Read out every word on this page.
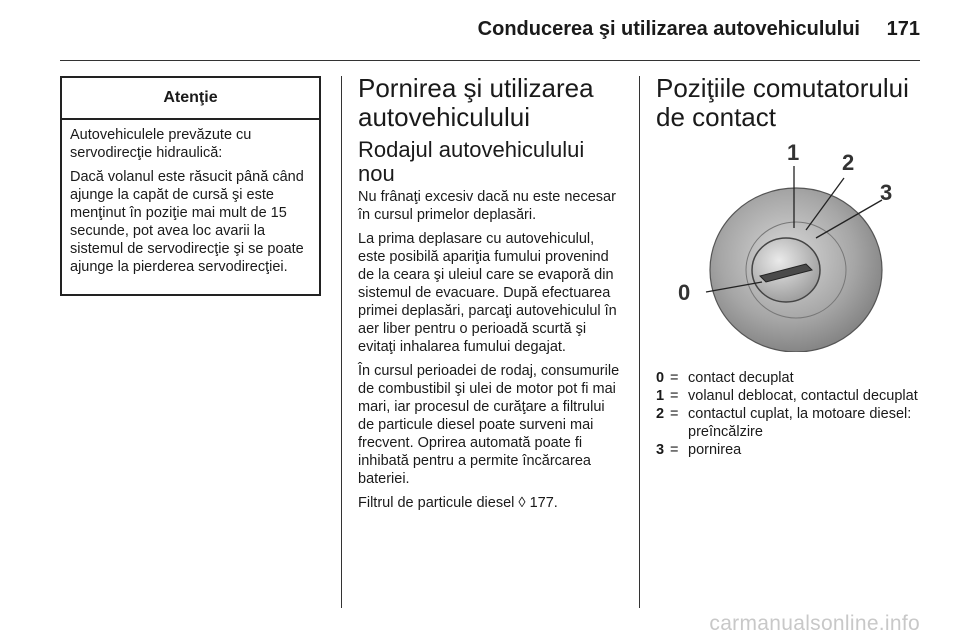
Conducerea şi utilizarea autovehiculului 171
Atenţie

Autovehiculele prevăzute cu servodirecţie hidraulică:

Dacă volanul este răsucit până când ajunge la capăt de cursă şi este menţinut în poziţie mai mult de 15 secunde, pot avea loc avarii la sistemul de servodirecţie şi se poate ajunge la pierderea servodirecţiei.

Pornirea şi utilizarea autovehiculului
Rodajul autovehiculului nou

Nu frânaţi excesiv dacă nu este necesar în cursul primelor deplasări.

La prima deplasare cu autovehiculul, este posibilă apariţia fumului provenind de la ceara şi uleiul care se evaporă din sistemul de evacuare. După efectuarea primei deplasări, parcaţi autovehiculul în aer liber pentru o perioadă scurtă şi evitaţi inhalarea fumului degajat.

În cursul perioadei de rodaj, consumurile de combustibil şi ulei de motor pot fi mai mari, iar procesul de curăţare a filtrului de particule diesel poate surveni mai frecvent. Oprirea automată poate fi inhibată pentru a permite încărcarea bateriei.

Filtrul de particule diesel ◊ 177.

Poziţiile comutatorului de contact
0
1 2
3
0 = contact decuplat
1 = volanul deblocat, contactul decuplat
2 = contactul cuplat, la motoare diesel: preîncălzire
3 = pornirea
carmanualsonline.info
